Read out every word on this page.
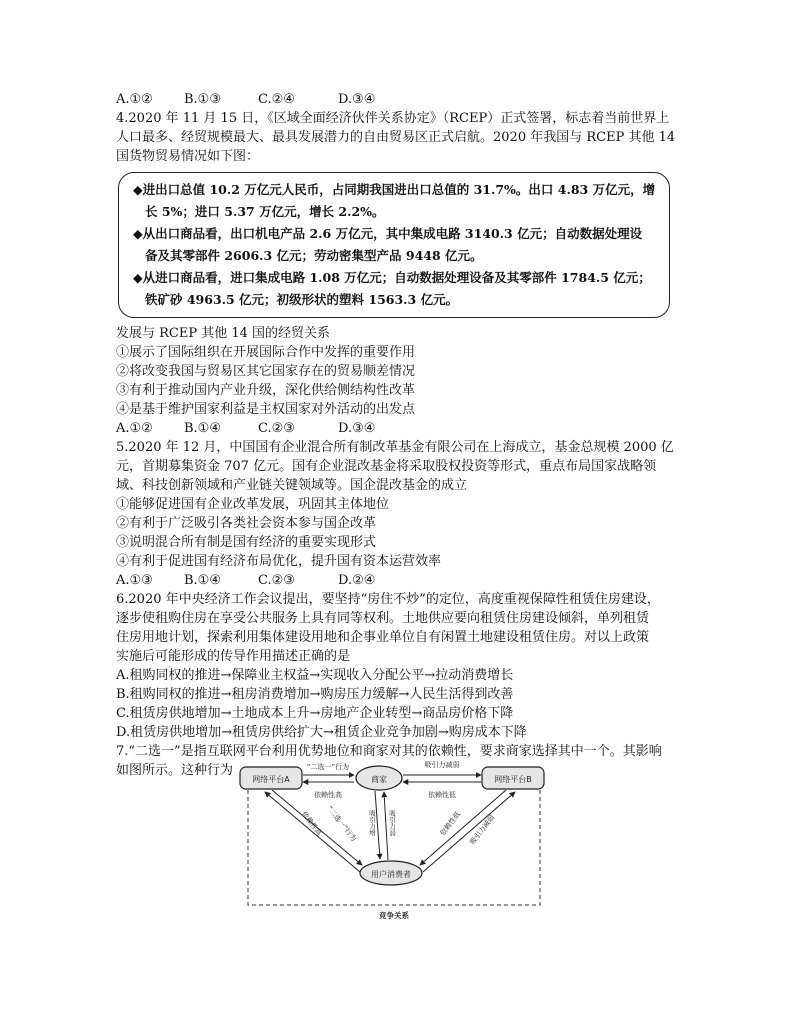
A.①②	B.①③	C.②④	D.③④
4.2020 年 11 月 15 日，《区域全面经济伙伴关系协定》（RCEP）正式签署，标志着当前世界上
人口最多、经贸规模最大、最具发展潜力的自由贸易区正式启航。2020 年我国与 RCEP 其他 14
国货物贸易情况如下图：
◆进出口总值 10.2 万亿元人民币，占同期我国进出口总值的 31.7%。出口 4.83 万亿元，增
长 5%；进口 5.37 万亿元，增长 2.2%。
◆从出口商品看，出口机电产品 2.6 万亿元，其中集成电路 3140.3 亿元；自动数据处理设
备及其零部件 2606.3 亿元；劳动密集型产品 9448 亿元。
◆从进口商品看，进口集成电路 1.08 万亿元；自动数据处理设备及其零部件 1784.5 亿元；
铁矿砂 4963.5 亿元；初级形状的塑料 1563.3 亿元。
发展与 RCEP 其他 14 国的经贸关系
①展示了国际组织在开展国际合作中发挥的重要作用
②将改变我国与贸易区其它国家存在的贸易顺差情况
③有利于推动国内产业升级，深化供给侧结构性改革
④是基于维护国家利益是主权国家对外活动的出发点
A.①②	B.①④	C.②③	D.③④
5.2020 年 12 月，中国国有企业混合所有制改革基金有限公司在上海成立，基金总规模 2000 亿
元，首期募集资金 707 亿元。国有企业混改基金将采取股权投资等形式，重点布局国家战略领
域、科技创新领域和产业链关键领域等。国企混改基金的成立
①能够促进国有企业改革发展，巩固其主体地位
②有利于广泛吸引各类社会资本参与国企改革
③说明混合所有制是国有经济的重要实现形式
④有利于促进国有经济布局优化，提升国有资本运营效率
A.①③	B.①④	C.②③	D.②④
6.2020 年中央经济工作会议提出，要坚持“房住不炒”的定位，高度重视保障性租赁住房建设，
逐步使租购住房在享受公共服务上具有同等权利。土地供应要向租赁住房建设倾斜，单列租赁
住房用地计划，探索利用集体建设用地和企事业单位自有闲置土地建设租赁住房。对以上政策
实施后可能形成的传导作用描述正确的是
A.租购同权的推进→保障业主权益→实现收入分配公平→拉动消费增长
B.租购同权的推进→租房消费增加→购房压力缓解→人民生活得到改善
C.租赁房供地增加→土地成本上升→房地产企业转型→商品房价格下降
D.租赁房供地增加→租赁房供给扩大→租赁企业竞争加剧→购房成本下降
7.“二选一”是指互联网平台利用优势地位和商家对其的依赖性，要求商家选择其中一个。其影响
如图所示。这种行为
网络平台A	商家	网络平台B
用户消费者
“二选一”行为	吸引力减弱
依赖性高	依赖性低
依赖性高 “二选一”行为	依赖性低 吸引力减弱
吸引力增 吸引力弱
竞争关系
